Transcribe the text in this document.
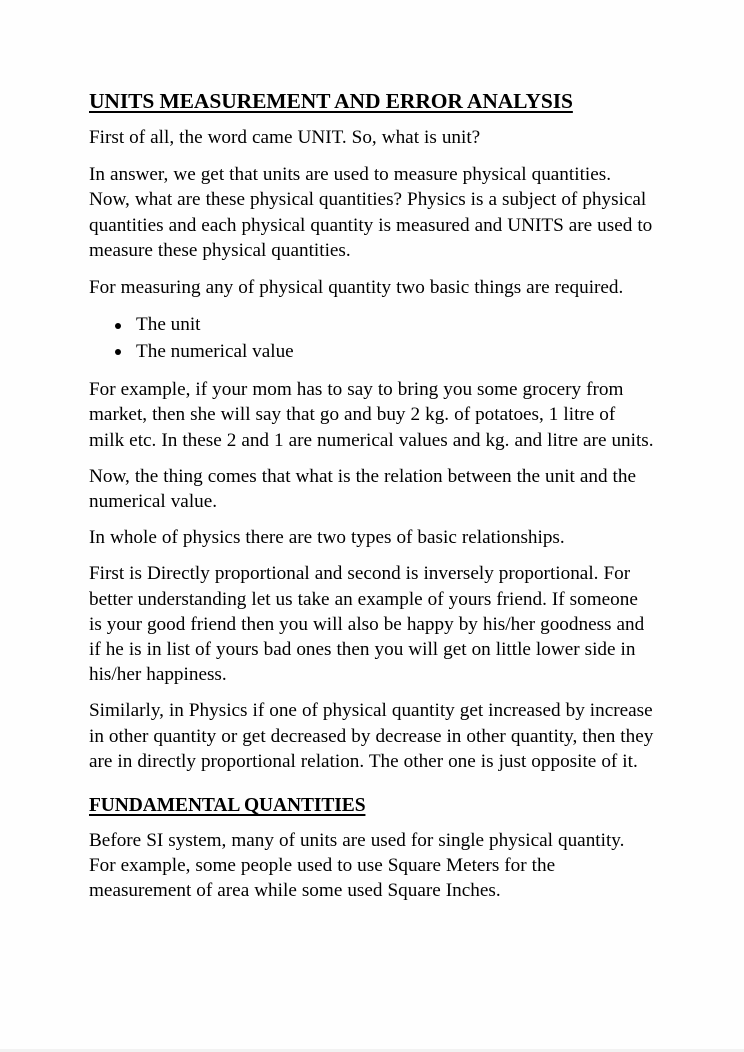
UNITS MEASUREMENT AND ERROR ANALYSIS

First of all, the word came UNIT. So, what is unit?

In answer, we get that units are used to measure physical quantities. Now, what are these physical quantities? Physics is a subject of physical quantities and each physical quantity is measured and UNITS are used to measure these physical quantities.

For measuring any of physical quantity two basic things are required.

The unit
The numerical value

For example, if your mom has to say to bring you some grocery from market, then she will say that go and buy 2 kg. of potatoes, 1 litre of milk etc. In these 2 and 1 are numerical values and kg. and litre are units.

Now, the thing comes that what is the relation between the unit and the numerical value.

In whole of physics there are two types of basic relationships.

First is Directly proportional and second is inversely proportional. For better understanding let us take an example of yours friend. If someone is your good friend then you will also be happy by his/her goodness and if he is in list of yours bad ones then you will get on little lower side in his/her happiness.

Similarly, in Physics if one of physical quantity get increased by increase in other quantity or get decreased by decrease in other quantity, then they are in directly proportional relation. The other one is just opposite of it.

FUNDAMENTAL QUANTITIES

Before SI system, many of units are used for single physical quantity. For example, some people used to use Square Meters for the measurement of area while some used Square Inches.
